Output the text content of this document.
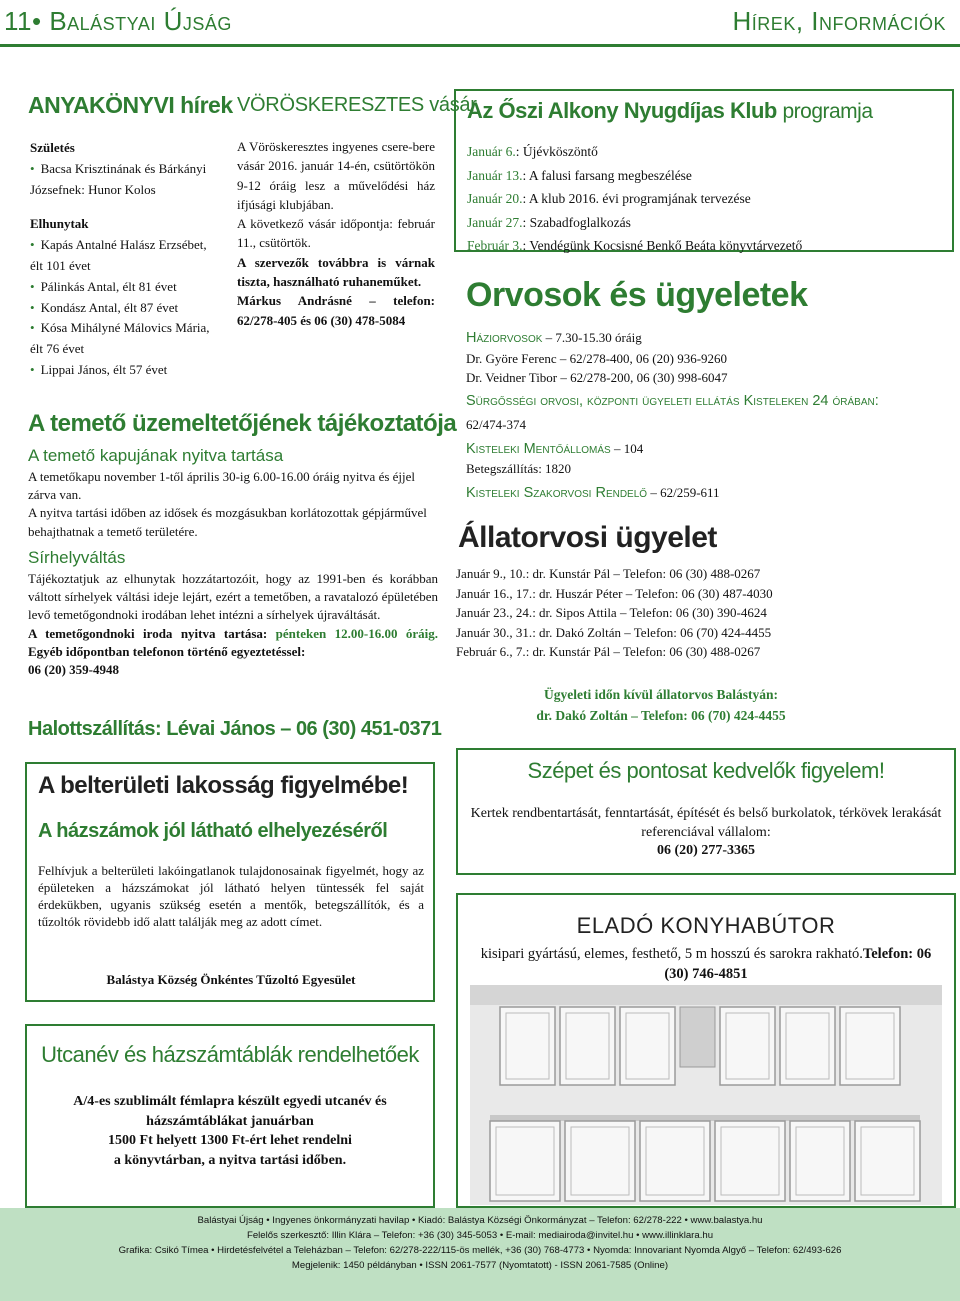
11• Balástyai Újság	Hírek, Információk
ANYAKÖNYVI hírek
Születés
• Bacsa Krisztinának és Bárkányi
Józsefnek: Hunor Kolos
Elhunytak
• Kapás Antalné Halász Erzsébet,
élt 101 évet
• Pálinkás Antal, élt 81 évet
• Kondász Antal, élt 87 évet
• Kósa Mihályné Málovics Mária,
élt 76 évet
• Lippai János, élt 57 évet
VÖRÖSKERESZTES vásár
A Vöröskeresztes ingyenes csere-bere vásár 2016. január 14-én, csütörtökön 9-12 óráig lesz a művelődési ház ifjúsági klubjában.
A következő vásár időpontja: február 11., csütörtök.
A szervezők továbbra is várnak tiszta, használható ruhaneműket.
Márkus Andrásné – telefon: 62/278-405 és 06 (30) 478-5084
Az Őszi Alkony Nyugdíjas Klub programja
Január 6.: Újévköszöntő
Január 13.: A falusi farsang megbeszélése
Január 20.: A klub 2016. évi programjának tervezése
Január 27.: Szabadfoglalkozás
Február 3.: Vendégünk Kocsisné Benkő Beáta könyvtárvezető
Orvosok és ügyeletek
Háziorvosok – 7.30-15.30 óráig
Dr. Györe Ferenc – 62/278-400, 06 (20) 936-9260
Dr. Veidner Tibor – 62/278-200, 06 (30) 998-6047
Sürgősségi orvosi, központi ügyeleti ellátás Kisteleken 24 órában:
62/474-374
Kisteleki Mentőállomás – 104
Betegszállítás: 1820
Kisteleki Szakorvosi Rendelő – 62/259-611
Állatorvosi ügyelet
Január 9., 10.: dr. Kunstár Pál – Telefon: 06 (30) 488-0267
Január 16., 17.: dr. Huszár Péter – Telefon: 06 (30) 487-4030
Január 23., 24.: dr. Sipos Attila – Telefon: 06 (30) 390-4624
Január 30., 31.: dr. Dakó Zoltán – Telefon: 06 (70) 424-4455
Február 6., 7.: dr. Kunstár Pál – Telefon: 06 (30) 488-0267
Ügyeleti időn kívül állatorvos Balástyán:
dr. Dakó Zoltán – Telefon: 06 (70) 424-4455
A temető üzemeltetőjének tájékoztatója
A temető kapujának nyitva tartása
A temetőkapu november 1-től április 30-ig 6.00-16.00 óráig nyitva és éjjel zárva van.
A nyitva tartási időben az idősek és mozgásukban korlátozottak gépjárművel behajthatnak a temető területére.
Sírhelyváltás
Tájékoztatjuk az elhunytak hozzátartozóit, hogy az 1991-ben és korábban váltott sírhelyek váltási ideje lejárt, ezért a temetőben, a ravatalozó épületében levő temetőgondnoki irodában lehet intézni a sírhelyek újraváltását.
A temetőgondnoki iroda nyitva tartása: pénteken 12.00-16.00 óráig. Egyéb időpontban telefonon történő egyeztetéssel:
06 (20) 359-4948
Halottszállítás: Lévai János – 06 (30) 451-0371
A belterületi lakosság figyelmébe!
A házszámok jól látható elhelyezéséről
Felhívjuk a belterületi lakóingatlanok tulajdonosainak figyelmét, hogy az épületeken a házszámokat jól látható helyen tüntessék fel saját érdekükben, ugyanis szükség esetén a mentők, betegszállítók, és a tűzoltók rövidebb idő alatt találják meg az adott címet.
Balástya Község Önkéntes Tűzoltó Egyesület
Szépet és pontosat kedvelők figyelem!
Kertek rendbentartását, fenntartását, építését és belső burkolatok, térkövek lerakását referenciával vállalom:
06 (20) 277-3365
ELADÓ KONYHABÚTOR
kisipari gyártású, elemes, festhető, 5 m hosszú és sarokra rakható.Telefon: 06 (30) 746-4851
Utcanév és házszámtáblák rendelhetőek
A/4-es szublimált fémlapra készült egyedi utcanév és
házszámtáblákat januárban
1500 Ft helyett 1300 Ft-ért lehet rendelni
a könyvtárban, a nyitva tartási időben.
Balástyai Újság • Ingyenes önkormányzati havilap • Kiadó: Balástya Községi Önkormányzat – Telefon: 62/278-222 • www.balastya.hu
Felelős szerkesztő: Illin Klára – Telefon: +36 (30) 345-5053 • E-mail: mediairoda@invitel.hu • www.illinklara.hu
Grafika: Csikó Tímea • Hirdetésfelvétel a Teleházban – Telefon: 62/278-222/115-ös mellék, +36 (30) 768-4773 • Nyomda: Innovariant Nyomda Algyő – Telefon: 62/493-626
Megjelenik: 1450 példányban • ISSN 2061-7577 (Nyomtatott) - ISSN 2061-7585 (Online)
